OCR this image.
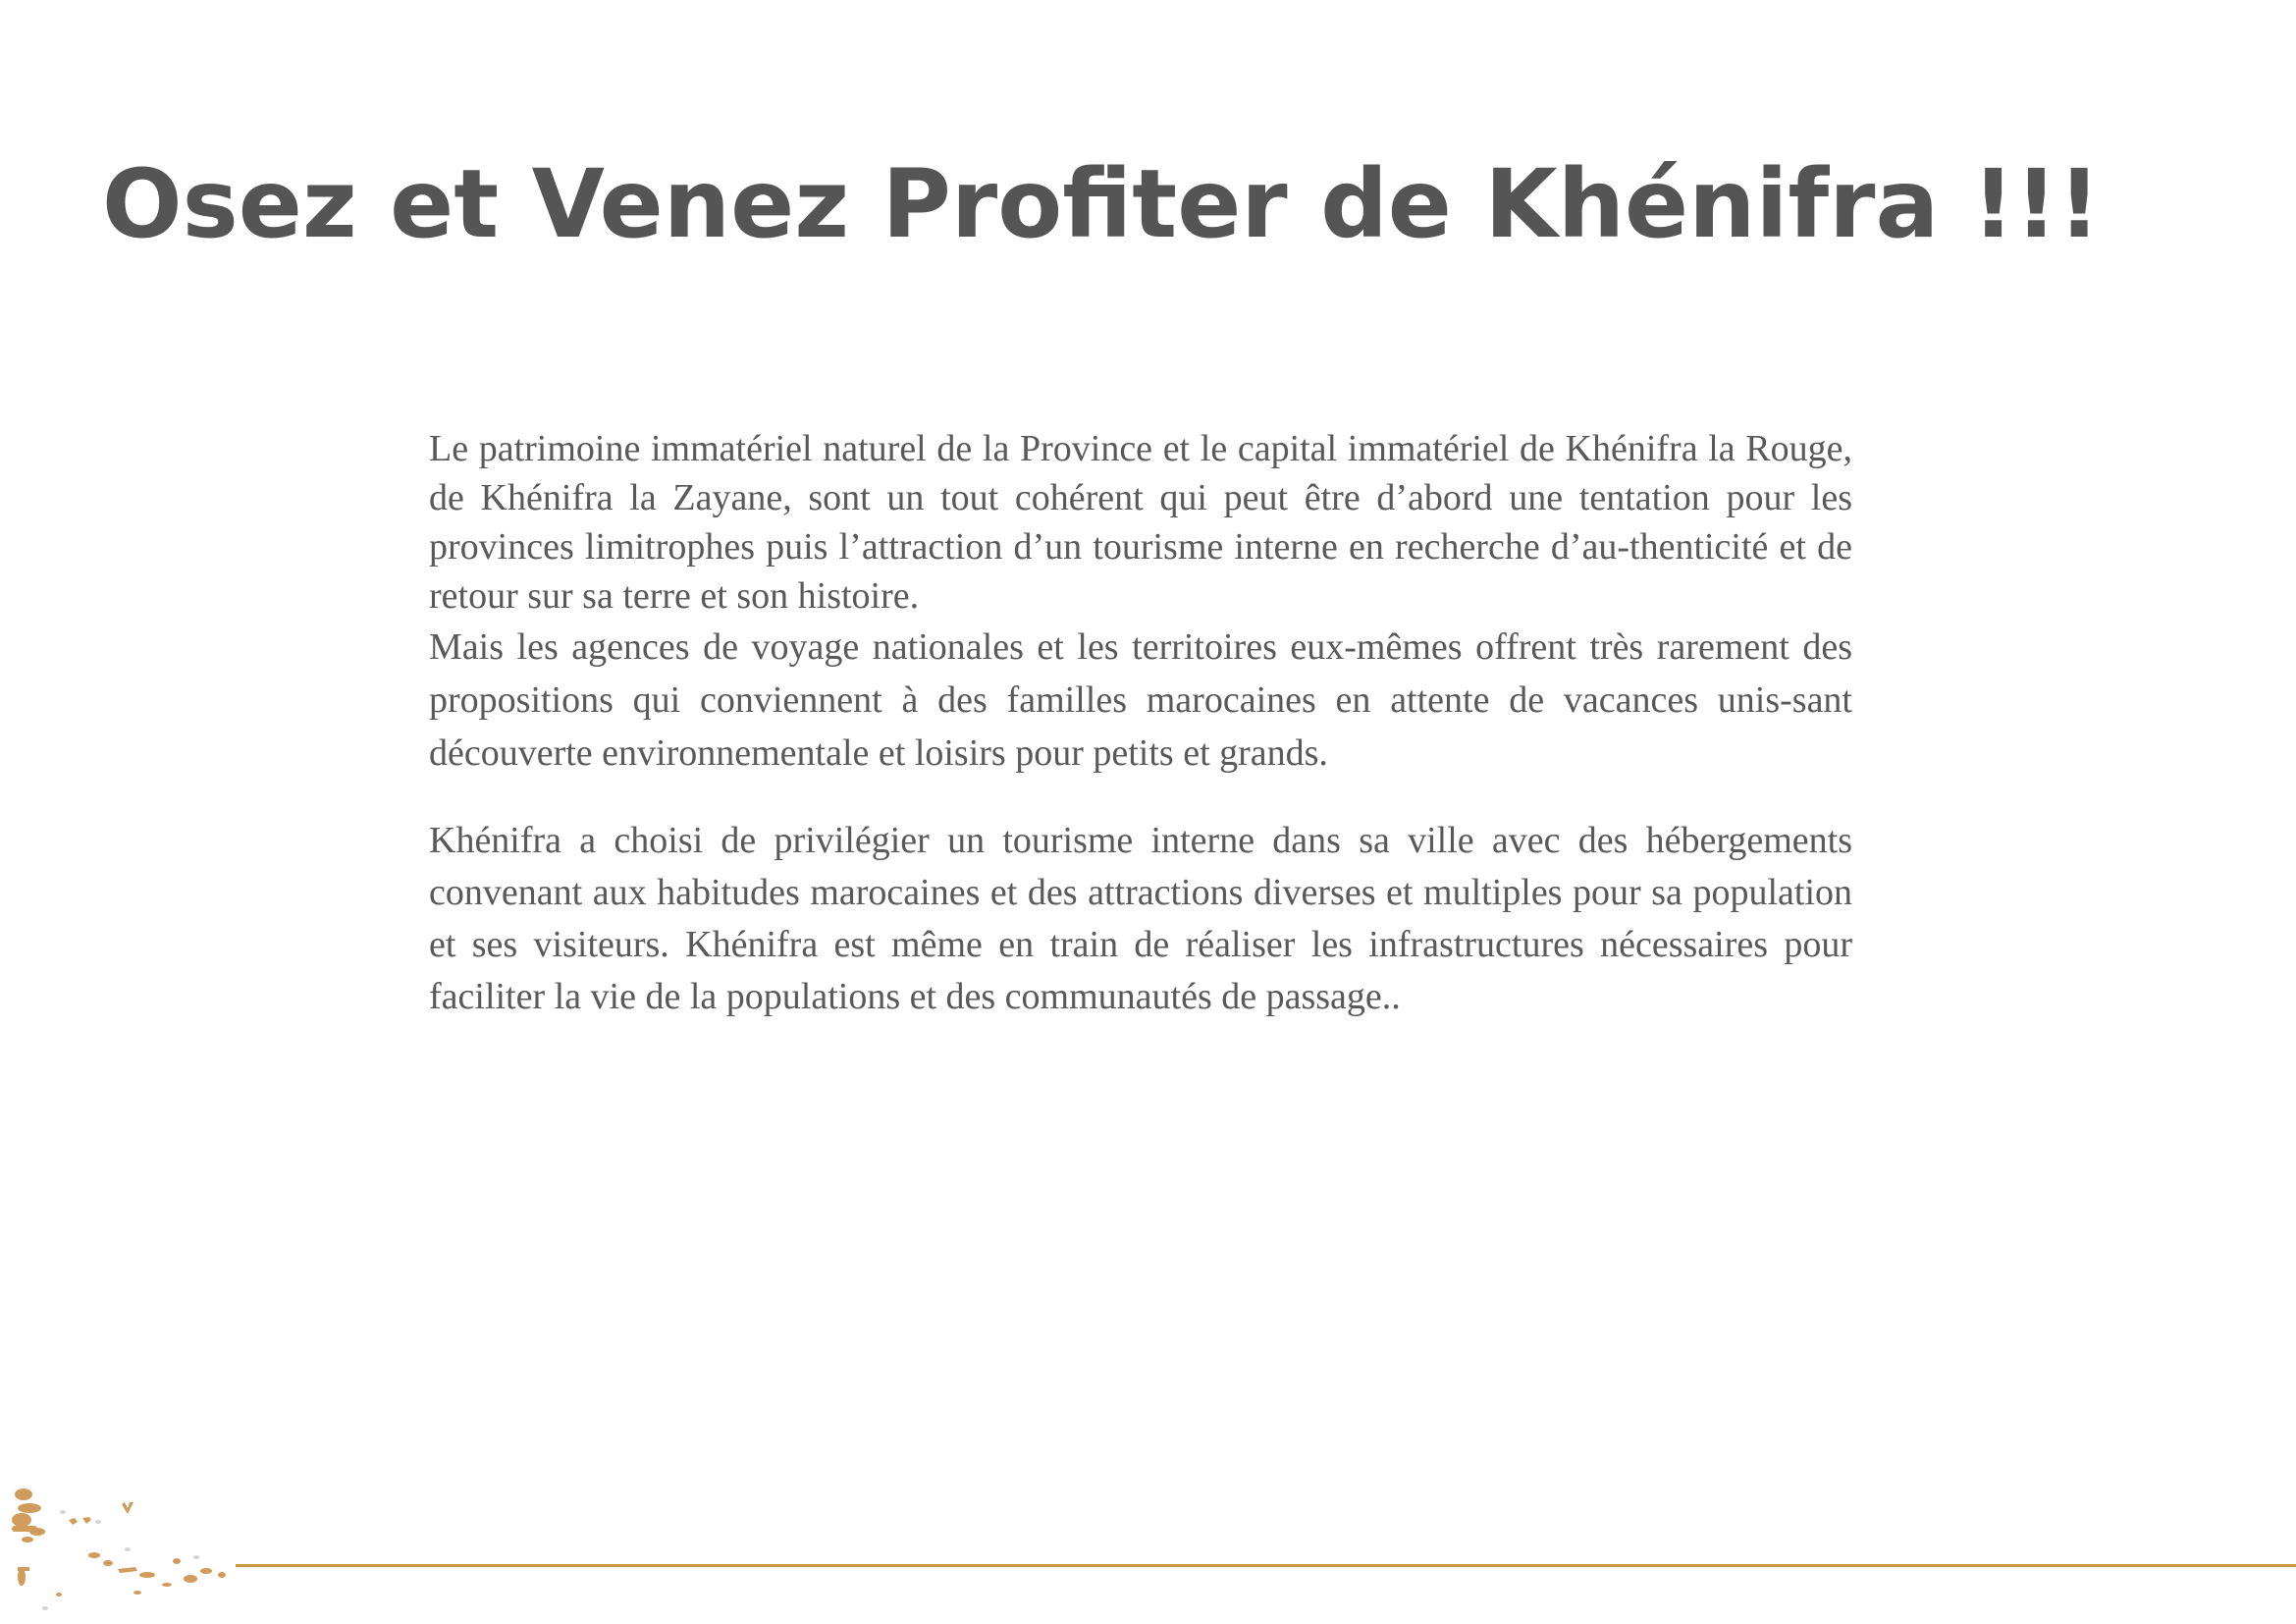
Osez et Venez Profiter de Khénifra !!!

Le patrimoine immatériel naturel de la Province et le capital immatériel de Khénifra la Rouge, de Khénifra la Zayane, sont un tout cohérent qui peut être d’abord une tentation pour les provinces limitrophes puis l’attraction d’un tourisme interne en recherche d’au-thenticité et de retour sur sa terre et son histoire.

Mais les agences de voyage nationales et les territoires eux-mêmes offrent très rarement des propositions qui conviennent à des familles marocaines en attente de vacances unis-sant découverte environnementale et loisirs pour petits et grands.

Khénifra a choisi de privilégier un tourisme interne dans sa ville avec des hébergements convenant aux habitudes marocaines et des attractions diverses et multiples pour sa population et ses visiteurs. Khénifra est même en train de réaliser les infrastructures nécessaires pour faciliter la vie de la populations et des communautés de passage..
